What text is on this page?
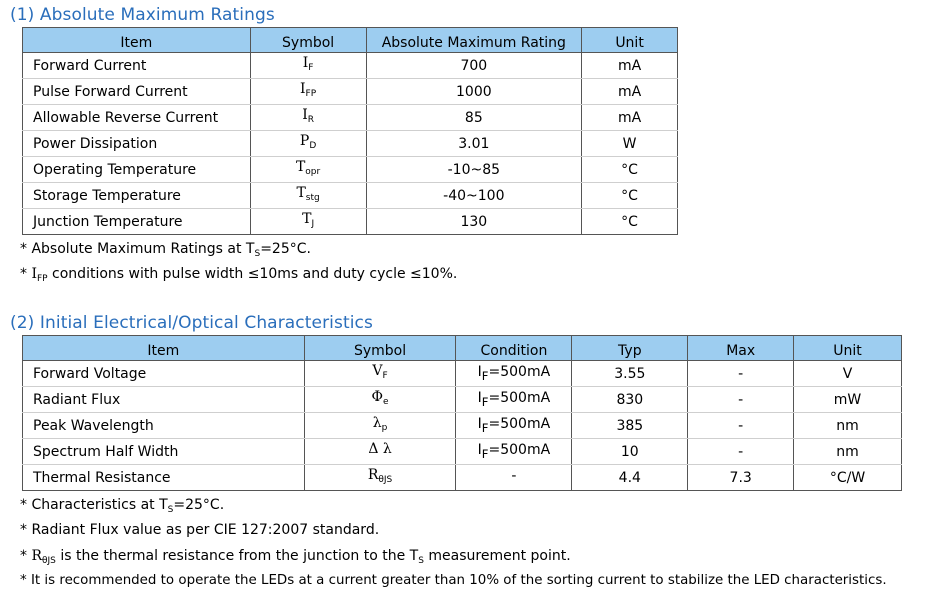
(1) Absolute Maximum Ratings
Item	Symbol	Absolute Maximum Rating	Unit
Forward Current	$I_F$	700	mA
Pulse Forward Current	$I_{FP}$	1000	mA
Allowable Reverse Current	$I_R$	85	mA
Power Dissipation	$P_D$	3.01	W
Operating Temperature	$T_{opr}$	-10~85	°C
Storage Temperature	$T_{stg}$	-40~100	°C
Junction Temperature	$T_J$	130	°C
* Absolute Maximum Ratings at $T_S=25^\circ C$.
* $I_{FP}$ conditions with pulse width ≤10ms and duty cycle ≤10%.
(2) Initial Electrical/Optical Characteristics
Item	Symbol	Condition	Typ	Max	Unit
Forward Voltage	$V_F$	$I_F=500mA$	3.55	-	V
Radiant Flux	$\Phi_e$	$I_F=500mA$	830	-	mW
Peak Wavelength	$\lambda_p$	$I_F=500mA$	385	-	nm
Spectrum Half Width	Δ λ	$I_F=500mA$	10	-	nm
Thermal Resistance	$R_{\theta JS}$	-	4.4	7.3	°C/W
* Characteristics at $T_S=25^\circ C$.
* Radiant Flux value as per CIE 127:2007 standard.
* $R_{\theta JS}$ is the thermal resistance from the junction to the $T_S$ measurement point.
* It is recommended to operate the LEDs at a current greater than 10% of the sorting current to stabilize the LED characteristics.
